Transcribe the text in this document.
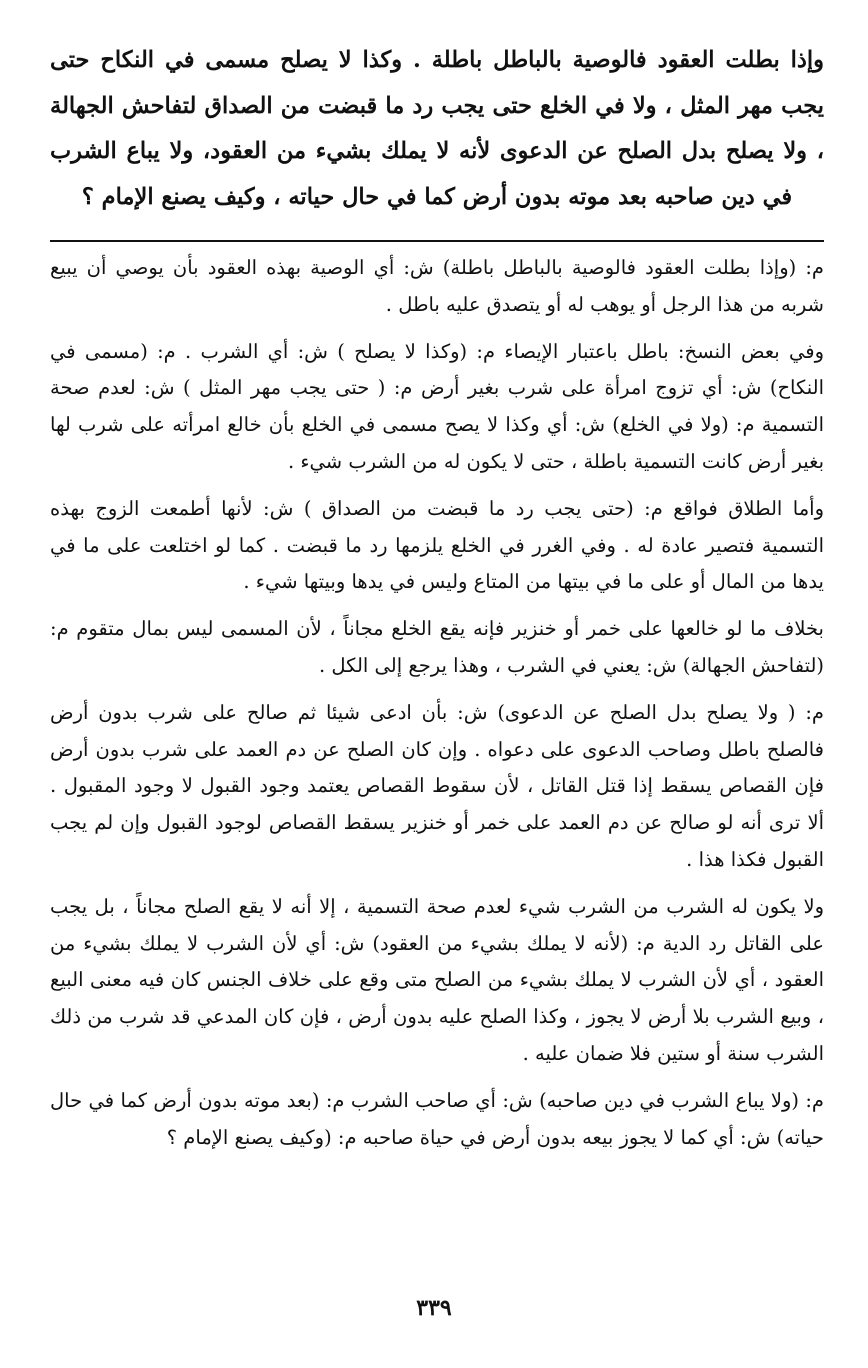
وإذا بطلت العقود فالوصية بالباطل باطلة . وكذا لا يصلح مسمى في النكاح حتى يجب مهر المثل ، ولا في الخلع حتى يجب رد ما قبضت من الصداق لتفاحش الجهالة ، ولا يصلح بدل الصلح عن الدعوى لأنه لا يملك بشيء من العقود، ولا يباع الشرب في دين صاحبه بعد موته بدون أرض كما في حال حياته ، وكيف يصنع الإمام ؟

م: (وإذا بطلت العقود فالوصية بالباطل باطلة) ش: أي الوصية بهذه العقود بأن يوصي أن يبيع شربه من هذا الرجل أو يوهب له أو يتصدق عليه باطل .

وفي بعض النسخ: باطل باعتبار الإيصاء م: (وكذا لا يصلح ) ش: أي الشرب . م: (مسمى في النكاح) ش: أي تزوج امرأة على شرب بغير أرض م: ( حتى يجب مهر المثل ) ش: لعدم صحة التسمية م: (ولا في الخلع) ش: أي وكذا لا يصح مسمى في الخلع بأن خالع امرأته على شرب لها بغير أرض كانت التسمية باطلة ، حتى لا يكون له من الشرب شيء .

وأما الطلاق فواقع م: (حتى يجب رد ما قبضت من الصداق ) ش: لأنها أطمعت الزوج بهذه التسمية فتصير عادة له . وفي الغرر في الخلع يلزمها رد ما قبضت . كما لو اختلعت على ما في يدها من المال أو على ما في بيتها من المتاع وليس في يدها وبيتها شيء .

بخلاف ما لو خالعها على خمر أو خنزير فإنه يقع الخلع مجاناً ، لأن المسمى ليس بمال متقوم م: (لتفاحش الجهالة) ش: يعني في الشرب ، وهذا يرجع إلى الكل .

م: ( ولا يصلح بدل الصلح عن الدعوى) ش: بأن ادعى شيئا ثم صالح على شرب بدون أرض فالصلح باطل وصاحب الدعوى على دعواه . وإن كان الصلح عن دم العمد على شرب بدون أرض فإن القصاص يسقط إذا قتل القاتل ، لأن سقوط القصاص يعتمد وجود القبول لا وجود المقبول . ألا ترى أنه لو صالح عن دم العمد على خمر أو خنزير يسقط القصاص لوجود القبول وإن لم يجب القبول فكذا هذا .

ولا يكون له الشرب من الشرب شيء لعدم صحة التسمية ، إلا أنه لا يقع الصلح مجاناً ، بل يجب على القاتل رد الدية م: (لأنه لا يملك بشيء من العقود) ش: أي لأن الشرب لا يملك بشيء من العقود ، أي لأن الشرب لا يملك بشيء من الصلح متى وقع على خلاف الجنس كان فيه معنى البيع ، وبيع الشرب بلا أرض لا يجوز ، وكذا الصلح عليه بدون أرض ، فإن كان المدعي قد شرب من ذلك الشرب سنة أو ستين فلا ضمان عليه .

م: (ولا يباع الشرب في دين صاحبه) ش: أي صاحب الشرب م: (بعد موته بدون أرض كما في حال حياته) ش: أي كما لا يجوز بيعه بدون أرض في حياة صاحبه م: (وكيف يصنع الإمام ؟

٣٣٩
